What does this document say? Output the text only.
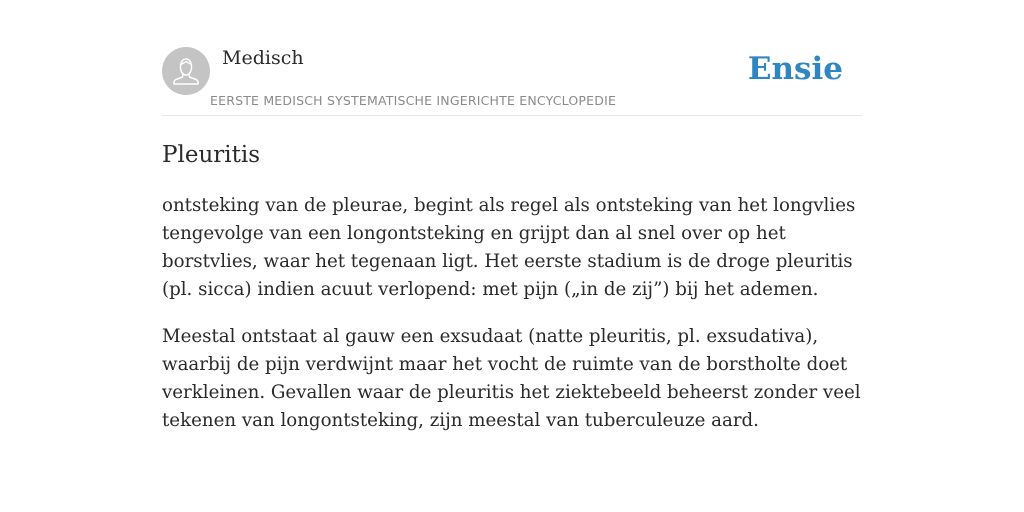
Medisch
EERSTE MEDISCH SYSTEMATISCHE INGERICHTE ENCYCLOPEDIE
Ensie
Pleuritis

ontsteking van de pleurae, begint als regel als ontsteking van het longvlies tengevolge van een longontsteking en grijpt dan al snel over op het borstvlies, waar het tegenaan ligt. Het eerste stadium is de droge pleuritis (pl. sicca) indien acuut verlopend: met pijn („in de zij”) bij het ademen.

Meestal ontstaat al gauw een exsudaat (natte pleuritis, pl. exsudativa), waarbij de pijn verdwijnt maar het vocht de ruimte van de borstholte doet verkleinen. Gevallen waar de pleuritis het ziektebeeld beheerst zonder veel tekenen van longontsteking, zijn meestal van tuberculeuze aard.
